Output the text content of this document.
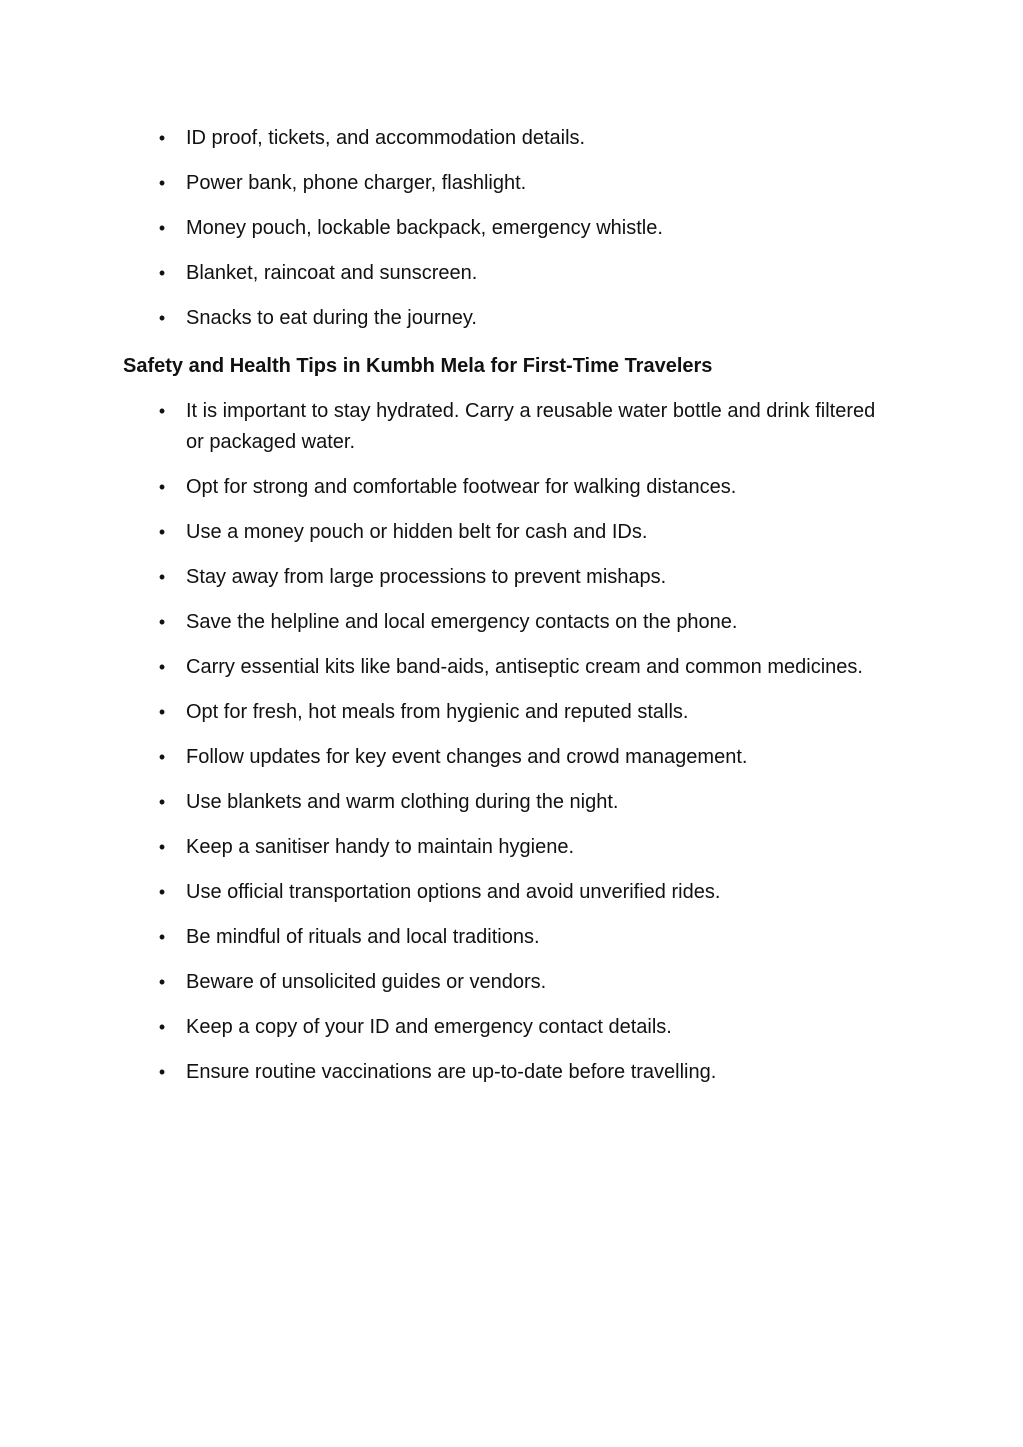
• ID proof, tickets, and accommodation details.
• Power bank, phone charger, flashlight.
• Money pouch, lockable backpack, emergency whistle.
• Blanket, raincoat and sunscreen.
• Snacks to eat during the journey.
Safety and Health Tips in Kumbh Mela for First-Time Travelers
• It is important to stay hydrated. Carry a reusable water bottle and drink filtered or packaged water.
• Opt for strong and comfortable footwear for walking distances.
• Use a money pouch or hidden belt for cash and IDs.
• Stay away from large processions to prevent mishaps.
• Save the helpline and local emergency contacts on the phone.
• Carry essential kits like band-aids, antiseptic cream and common medicines.
• Opt for fresh, hot meals from hygienic and reputed stalls.
• Follow updates for key event changes and crowd management.
• Use blankets and warm clothing during the night.
• Keep a sanitiser handy to maintain hygiene.
• Use official transportation options and avoid unverified rides.
• Be mindful of rituals and local traditions.
• Beware of unsolicited guides or vendors.
• Keep a copy of your ID and emergency contact details.
• Ensure routine vaccinations are up-to-date before travelling.
